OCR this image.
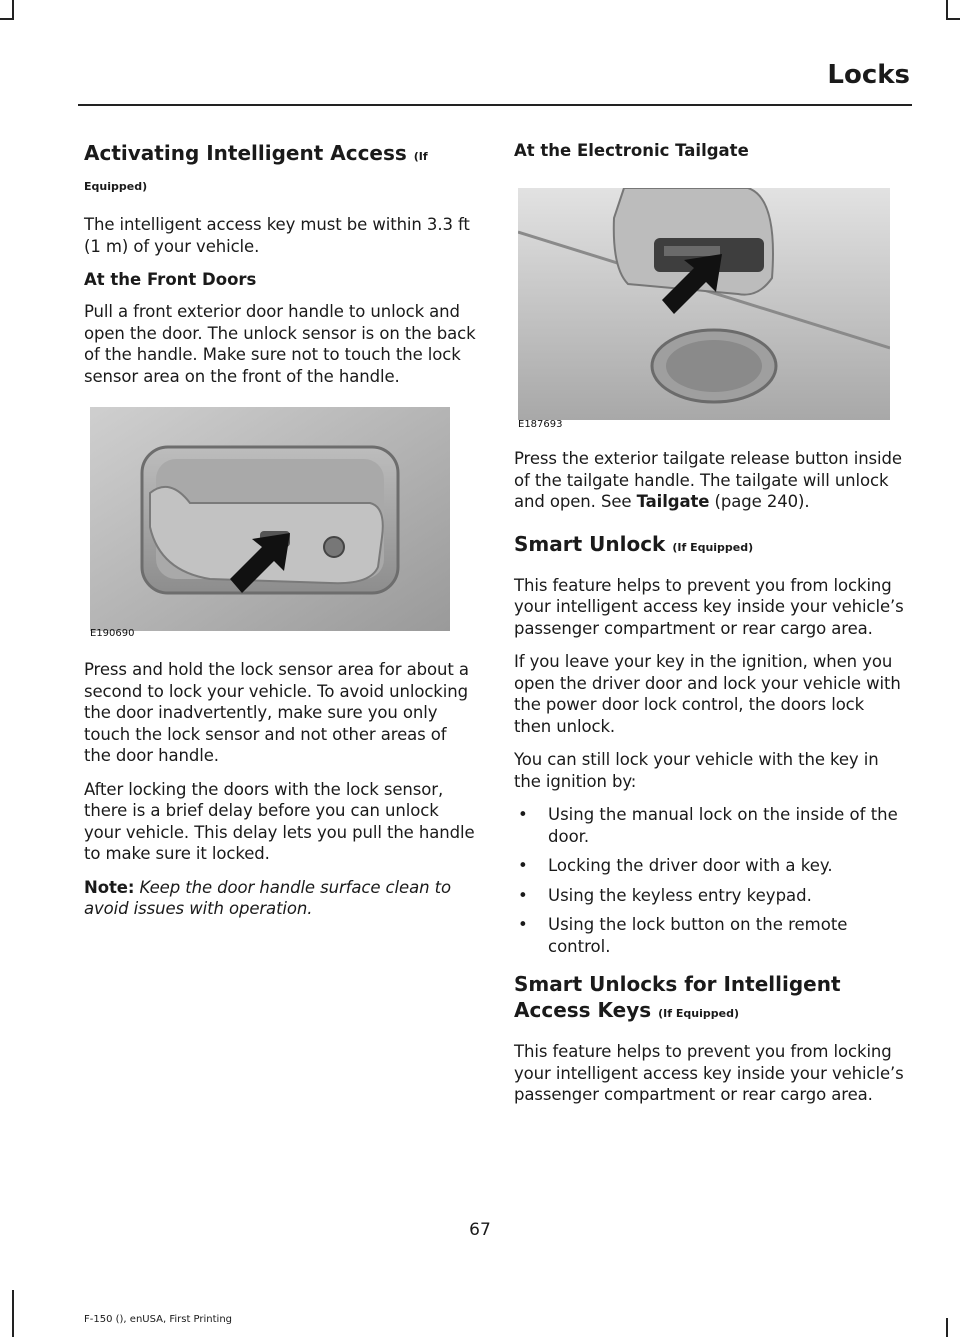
Locks
Activating Intelligent Access (If Equipped)

The intelligent access key must be within 3.3 ft (1 m) of your vehicle.

At the Front Doors

Pull a front exterior door handle to unlock and open the door. The unlock sensor is on the back of the handle. Make sure not to touch the lock sensor area on the front of the handle.

E190690

Press and hold the lock sensor area for about a second to lock your vehicle. To avoid unlocking the door inadvertently, make sure you only touch the lock sensor and not other areas of the door handle.

After locking the doors with the lock sensor, there is a brief delay before you can unlock your vehicle. This delay lets you pull the handle to make sure it locked.

Note: Keep the door handle surface clean to avoid issues with operation.

At the Electronic Tailgate
E187693

Press the exterior tailgate release button inside of the tailgate handle. The tailgate will unlock and open. See Tailgate (page 240).

Smart Unlock (If Equipped)

This feature helps to prevent you from locking your intelligent access key inside your vehicle’s passenger compartment or rear cargo area.

If you leave your key in the ignition, when you open the driver door and lock your vehicle with the power door lock control, the doors lock then unlock.

You can still lock your vehicle with the key in the ignition by:

• Using the manual lock on the inside of the door.
• Locking the driver door with a key.
• Using the keyless entry keypad.
• Using the lock button on the remote control.
Smart Unlocks for Intelligent Access Keys (If Equipped)

This feature helps to prevent you from locking your intelligent access key inside your vehicle’s passenger compartment or rear cargo area.

67
F-150 (), enUSA, First Printing
